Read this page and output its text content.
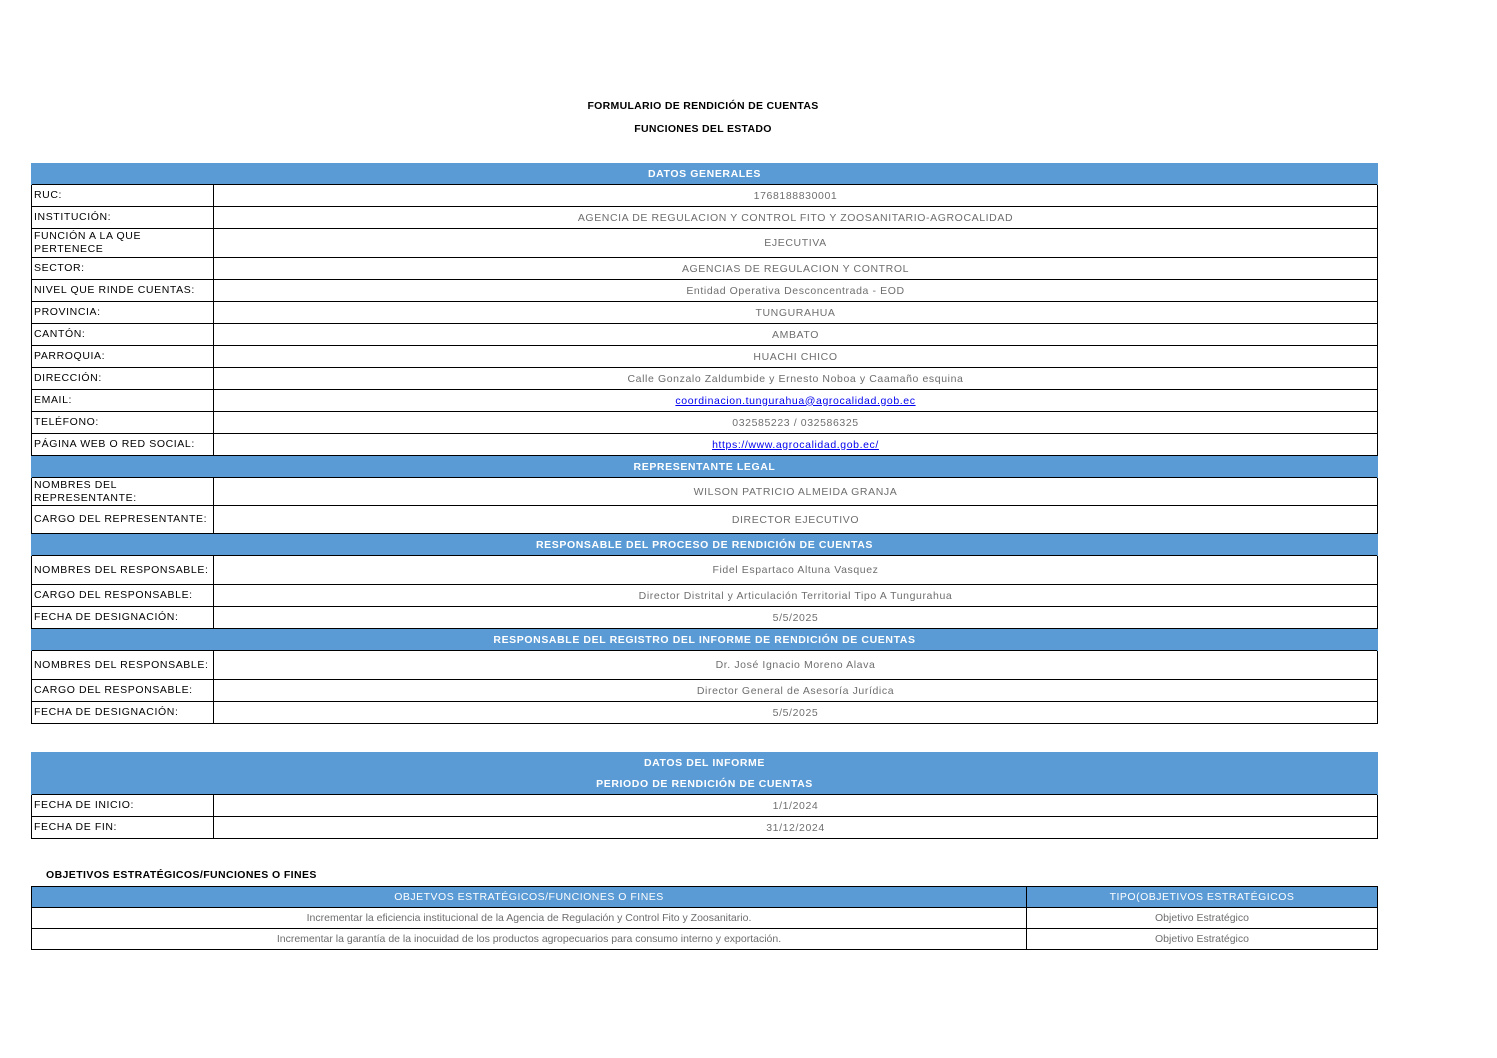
FORMULARIO DE RENDICIÓN DE CUENTAS
FUNCIONES DEL ESTADO
DATOS GENERALES	
RUC:	1768188830001
INSTITUCIÓN:	AGENCIA DE REGULACION Y CONTROL FITO Y ZOOSANITARIO-AGROCALIDAD
FUNCIÓN A LA QUE PERTENECE	EJECUTIVA
SECTOR:	AGENCIAS DE REGULACION Y CONTROL
NIVEL QUE RINDE CUENTAS:	Entidad Operativa Desconcentrada - EOD
PROVINCIA:	TUNGURAHUA
CANTÓN:	AMBATO
PARROQUIA:	HUACHI CHICO
DIRECCIÓN:	Calle Gonzalo Zaldumbide y Ernesto Noboa y Caamaño esquina
EMAIL:	coordinacion.tungurahua@agrocalidad.gob.ec
TELÉFONO:	032585223 / 032586325
PÁGINA WEB O RED SOCIAL:	https://www.agrocalidad.gob.ec/
REPRESENTANTE LEGAL	
NOMBRES DEL REPRESENTANTE:	WILSON PATRICIO ALMEIDA GRANJA
CARGO DEL REPRESENTANTE:	DIRECTOR EJECUTIVO
RESPONSABLE DEL PROCESO DE RENDICIÓN DE CUENTAS	
NOMBRES DEL RESPONSABLE:	Fidel Espartaco Altuna Vasquez
CARGO DEL RESPONSABLE:	Director Distrital y Articulación Territorial Tipo A Tungurahua
FECHA DE DESIGNACIÓN:	5/5/2025
RESPONSABLE DEL REGISTRO DEL INFORME DE RENDICIÓN DE CUENTAS	
NOMBRES DEL RESPONSABLE:	Dr. José Ignacio Moreno Alava
CARGO DEL RESPONSABLE:	Director General de Asesoría Jurídica
FECHA DE DESIGNACIÓN:	5/5/2025
DATOS DEL INFORME	
PERIODO DE RENDICIÓN DE CUENTAS	
FECHA DE INICIO:	1/1/2024
FECHA DE FIN:	31/12/2024
OBJETIVOS ESTRATÉGICOS/FUNCIONES O FINES
OBJETVOS ESTRATÉGICOS/FUNCIONES O FINES	TIPO(OBJETIVOS ESTRATÉGICOS
Incrementar la eficiencia institucional de la Agencia de Regulación y Control Fito y Zoosanitario.	Objetivo Estratégico
Incrementar la garantía de la inocuidad de los productos agropecuarios para consumo interno y exportación.	Objetivo Estratégico
